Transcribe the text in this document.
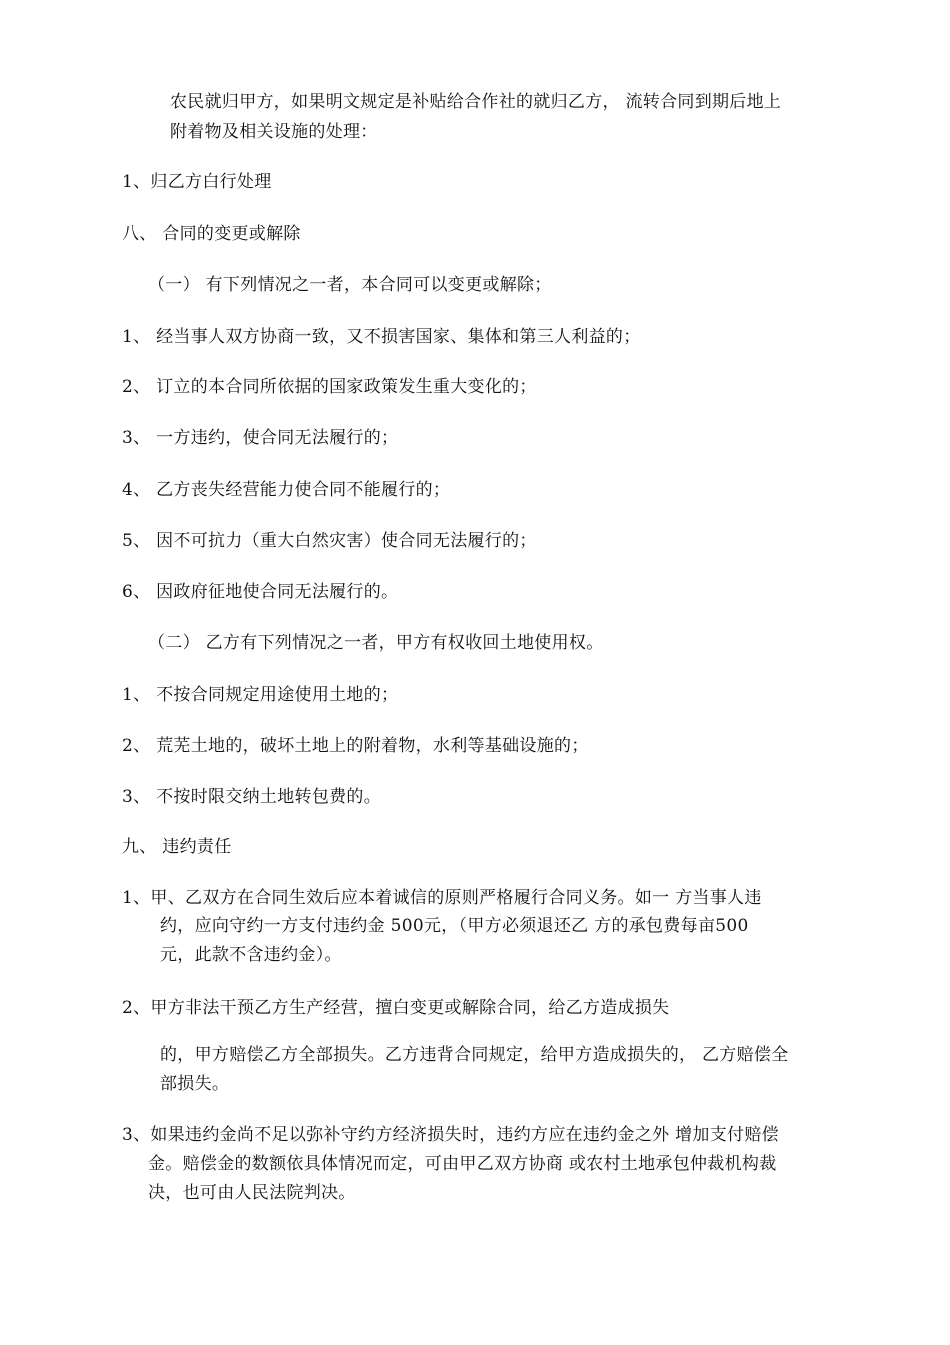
农民就归甲方，如果明文规定是补贴给合作社的就归乙方， 流转合同到期后地上
附着物及相关设施的处理：
1、归乙方白行处理
八、 合同的变更或解除
（一） 有下列情况之一者，本合同可以变更或解除；
1、 经当事人双方协商一致，又不损害国家、集体和第三人利益的；
2、 订立的本合同所依据的国家政策发生重大变化的；
3、 一方违约，使合同无法履行的；
4、 乙方丧失经营能力使合同不能履行的；
5、 因不可抗力（重大白然灾害）使合同无法履行的；
6、 因政府征地使合同无法履行的。
（二） 乙方有下列情况之一者，甲方有权收回土地使用权。
1、 不按合同规定用途使用土地的；
2、 荒芜土地的，破坏土地上的附着物，水利等基础设施的；
3、 不按时限交纳土地转包费的。
九、 违约责任
1、甲、乙双方在合同生效后应本着诚信的原则严格履行合同义务。如一 方当事人违
约，应向守约一方支付违约金 500元，（甲方必须退还乙 方的承包费每亩500
元，此款不含违约金）。
2、甲方非法干预乙方生产经营，擅白变更或解除合同，给乙方造成损失
的，甲方赔偿乙方全部损失。乙方违背合同规定，给甲方造成损失的， 乙方赔偿全
部损失。
3、如果违约金尚不足以弥补守约方经济损失时，违约方应在违约金之外 增加支付赔偿
金。赔偿金的数额依具体情况而定，可由甲乙双方协商 或农村土地承包仲裁机构裁
决，也可由人民法院判决。
